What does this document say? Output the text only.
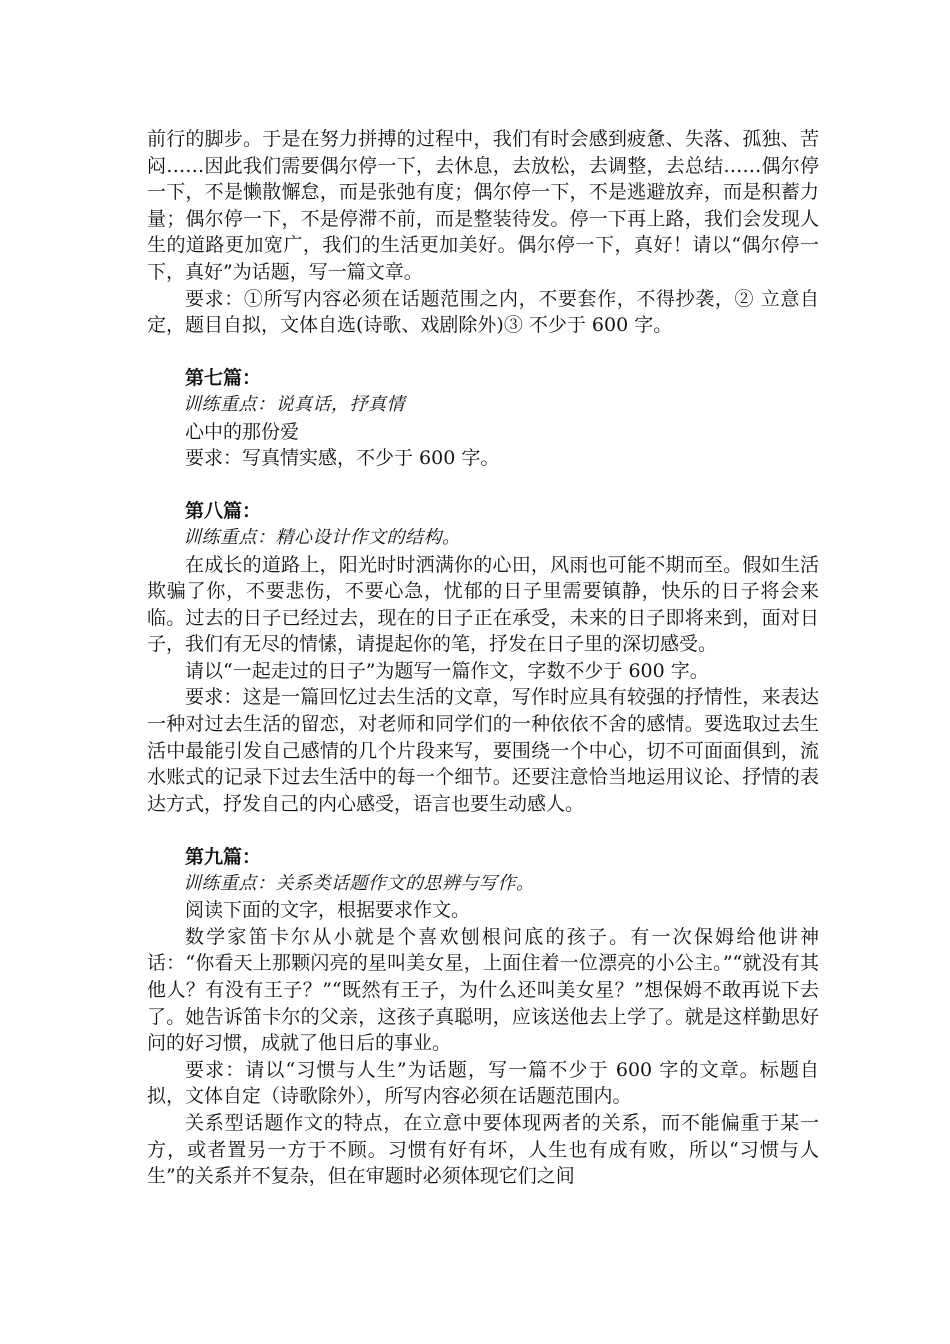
前行的脚步。于是在努力拼搏的过程中，我们有时会感到疲惫、失落、孤独、苦闷……因此我们需要偶尔停一下，去休息，去放松，去调整，去总结……偶尔停一下，不是懒散懈怠，而是张弛有度；偶尔停一下，不是逃避放弃，而是积蓄力量；偶尔停一下，不是停滞不前，而是整装待发。停一下再上路，我们会发现人生的道路更加宽广，我们的生活更加美好。偶尔停一下，真好！请以“偶尔停一下，真好”为话题，写一篇文章。

要求：①所写内容必须在话题范围之内，不要套作，不得抄袭，② 立意自定，题目自拟，文体自选(诗歌、戏剧除外)③ 不少于 600 字。

第七篇：

训练重点：说真话，抒真情

心中的那份爱

要求：写真情实感，不少于 600 字。

第八篇：

训练重点：精心设计作文的结构。

在成长的道路上，阳光时时洒满你的心田，风雨也可能不期而至。假如生活欺骗了你，不要悲伤，不要心急，忧郁的日子里需要镇静，快乐的日子将会来临。过去的日子已经过去，现在的日子正在承受，未来的日子即将来到，面对日子，我们有无尽的情愫，请提起你的笔，抒发在日子里的深切感受。

请以“一起走过的日子”为题写一篇作文，字数不少于 600 字。

要求：这是一篇回忆过去生活的文章，写作时应具有较强的抒情性，来表达一种对过去生活的留恋，对老师和同学们的一种依依不舍的感情。要选取过去生活中最能引发自己感情的几个片段来写，要围绕一个中心，切不可面面俱到，流水账式的记录下过去生活中的每一个细节。还要注意恰当地运用议论、抒情的表达方式，抒发自己的内心感受，语言也要生动感人。

第九篇：

训练重点：关系类话题作文的思辨与写作。

阅读下面的文字，根据要求作文。

数学家笛卡尔从小就是个喜欢刨根问底的孩子。有一次保姆给他讲神话：“你看天上那颗闪亮的星叫美女星，上面住着一位漂亮的小公主。”“就没有其他人？有没有王子？”“既然有王子，为什么还叫美女星？”想保姆不敢再说下去了。她告诉笛卡尔的父亲，这孩子真聪明，应该送他去上学了。就是这样勤思好问的好习惯，成就了他日后的事业。

要求：请以“习惯与人生”为话题，写一篇不少于 600 字的文章。标题自拟，文体自定（诗歌除外），所写内容必须在话题范围内。

关系型话题作文的特点，在立意中要体现两者的关系，而不能偏重于某一方，或者置另一方于不顾。习惯有好有坏，人生也有成有败，所以“习惯与人生”的关系并不复杂，但在审题时必须体现它们之间
